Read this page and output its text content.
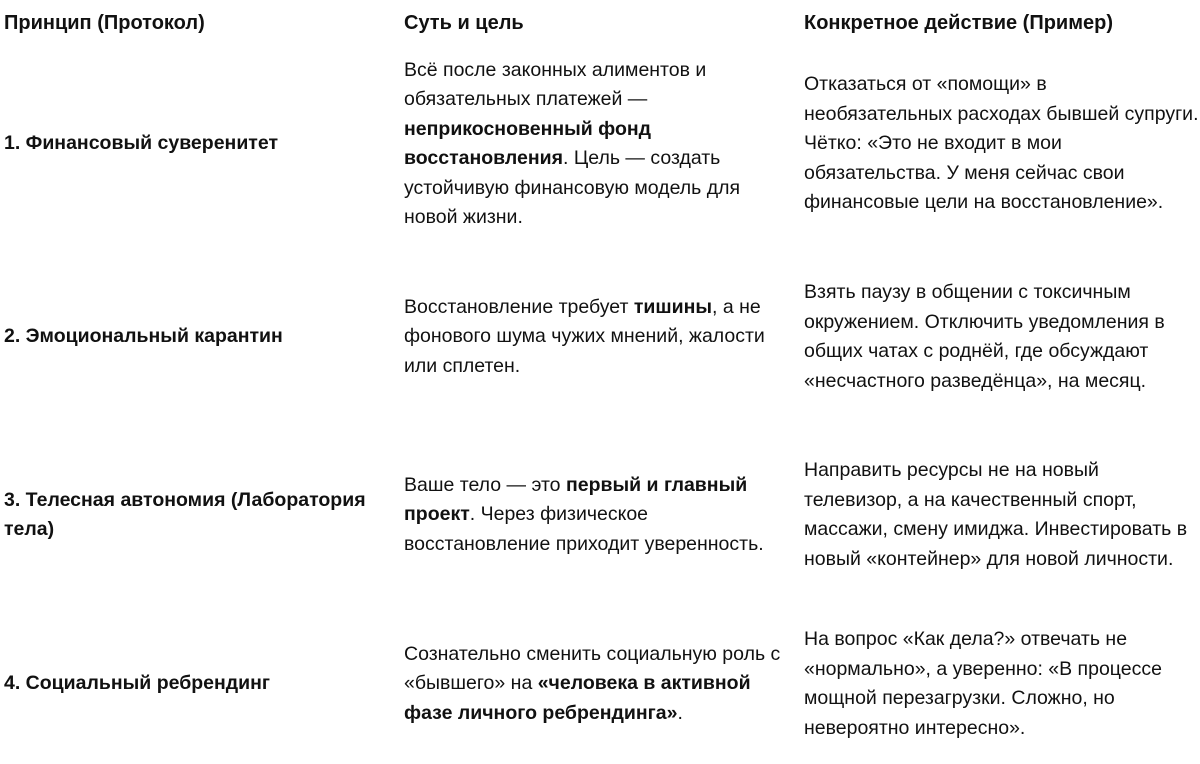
Принцип (Протокол)	Суть и цель	Конкретное действие (Пример)
1. Финансовый суверенитет
Всё после законных алиментов и обязательных платежей — неприкосновенный фонд восстановления. Цель — создать устойчивую финансовую модель для новой жизни.
Отказаться от «помощи» в необязательных расходах бывшей супруги. Чётко: «Это не входит в мои обязательства. У меня сейчас свои финансовые цели на восстановление».
2. Эмоциональный карантин
Восстановление требует тишины, а не фонового шума чужих мнений, жалости или сплетен.
Взять паузу в общении с токсичным окружением. Отключить уведомления в общих чатах с роднёй, где обсуждают «несчастного разведёнца», на месяц.
3. Телесная автономия (Лаборатория тела)
Ваше тело — это первый и главный проект. Через физическое восстановление приходит уверенность.
Направить ресурсы не на новый телевизор, а на качественный спорт, массажи, смену имиджа. Инвестировать в новый «контейнер» для новой личности.
4. Социальный ребрендинг
Сознательно сменить социальную роль с «бывшего» на «человека в активной фазе личного ребрендинга».
На вопрос «Как дела?» отвечать не «нормально», а уверенно: «В процессе мощной перезагрузки. Сложно, но невероятно интересно».
